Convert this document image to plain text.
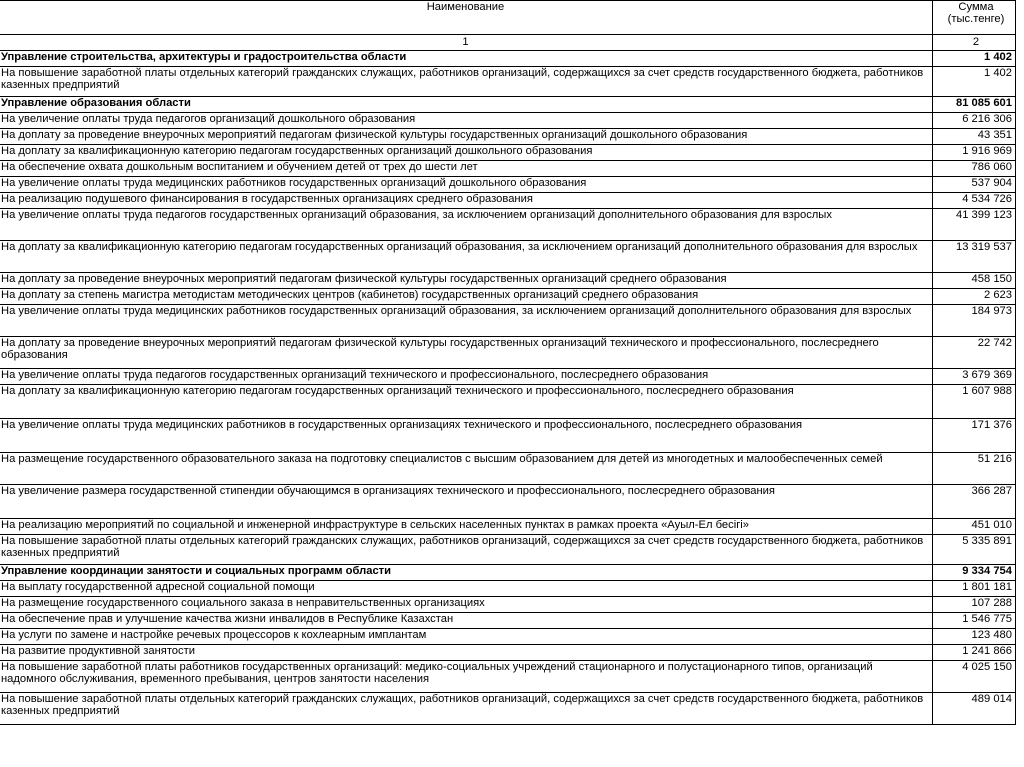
Наименование	Сумма
(тыс.тенге)
1	2
Управление строительства, архитектуры и градостроительства области	1 402
На повышение заработной платы отдельных категорий гражданских служащих, работников организаций, содержащихся за счет средств государственного бюджета, работников казенных предприятий	1 402
Управление образования области	81 085 601
На увеличение оплаты труда педагогов организаций дошкольного образования	6 216 306
На доплату за проведение внеурочных мероприятий педагогам физической культуры государственных организаций дошкольного образования	43 351
На доплату за квалификационную категорию педагогам государственных организаций дошкольного образования	1 916 969
На обеспечение охвата дошкольным воспитанием и обучением детей от трех до шести лет	786 060
На увеличение оплаты труда медицинских работников государственных организаций дошкольного образования	537 904
На реализацию подушевого финансирования в государственных организациях среднего образования	4 534 726
На увеличение оплаты труда педагогов государственных организаций образования, за исключением организаций дополнительного образования для взрослых	41 399 123
На доплату за квалификационную категорию педагогам государственных организаций образования, за исключением организаций дополнительного образования для взрослых	13 319 537
На доплату за проведение внеурочных мероприятий педагогам физической культуры государственных организаций среднего образования	458 150
На доплату за степень магистра методистам методических центров (кабинетов) государственных организаций среднего образования	2 623
На увеличение оплаты труда медицинских работников государственных организаций образования, за исключением организаций дополнительного образования для взрослых	184 973
На доплату за проведение внеурочных мероприятий педагогам физической культуры государственных организаций технического и профессионального, послесреднего образования	22 742
На увеличение оплаты труда педагогов государственных организаций технического и профессионального, послесреднего образования	3 679 369
На доплату за квалификационную категорию педагогам государственных организаций технического и профессионального, послесреднего образования	1 607 988
На увеличение оплаты труда медицинских работников в государственных организациях технического и профессионального, послесреднего образования	171 376
На размещение государственного образовательного заказа на подготовку специалистов с высшим образованием для детей из многодетных и малообеспеченных семей	51 216
На увеличение размера государственной стипендии обучающимся в организациях технического и профессионального, послесреднего образования	366 287
На реализацию мероприятий по социальной и инженерной инфраструктуре в сельских населенных пунктах в рамках проекта «Ауыл-Ел бесігі»	451 010
На повышение заработной платы отдельных категорий гражданских служащих, работников организаций, содержащихся за счет средств государственного бюджета, работников казенных предприятий	5 335 891
Управление координации занятости и социальных программ области	9 334 754
На выплату государственной адресной социальной помощи	1 801 181
На размещение государственного социального заказа в неправительственных организациях	107 288
На обеспечение прав и улучшение качества жизни инвалидов в Республике Казахстан	1 546 775
На услуги по замене и настройке речевых процессоров к кохлеарным имплантам	123 480
На развитие продуктивной занятости	1 241 866
На повышение заработной платы работников государственных организаций: медико-социальных учреждений стационарного и полустационарного типов, организаций надомного обслуживания, временного пребывания, центров занятости населения	4 025 150
На повышение заработной платы отдельных категорий гражданских служащих, работников организаций, содержащихся за счет средств государственного бюджета, работников казенных предприятий	489 014
